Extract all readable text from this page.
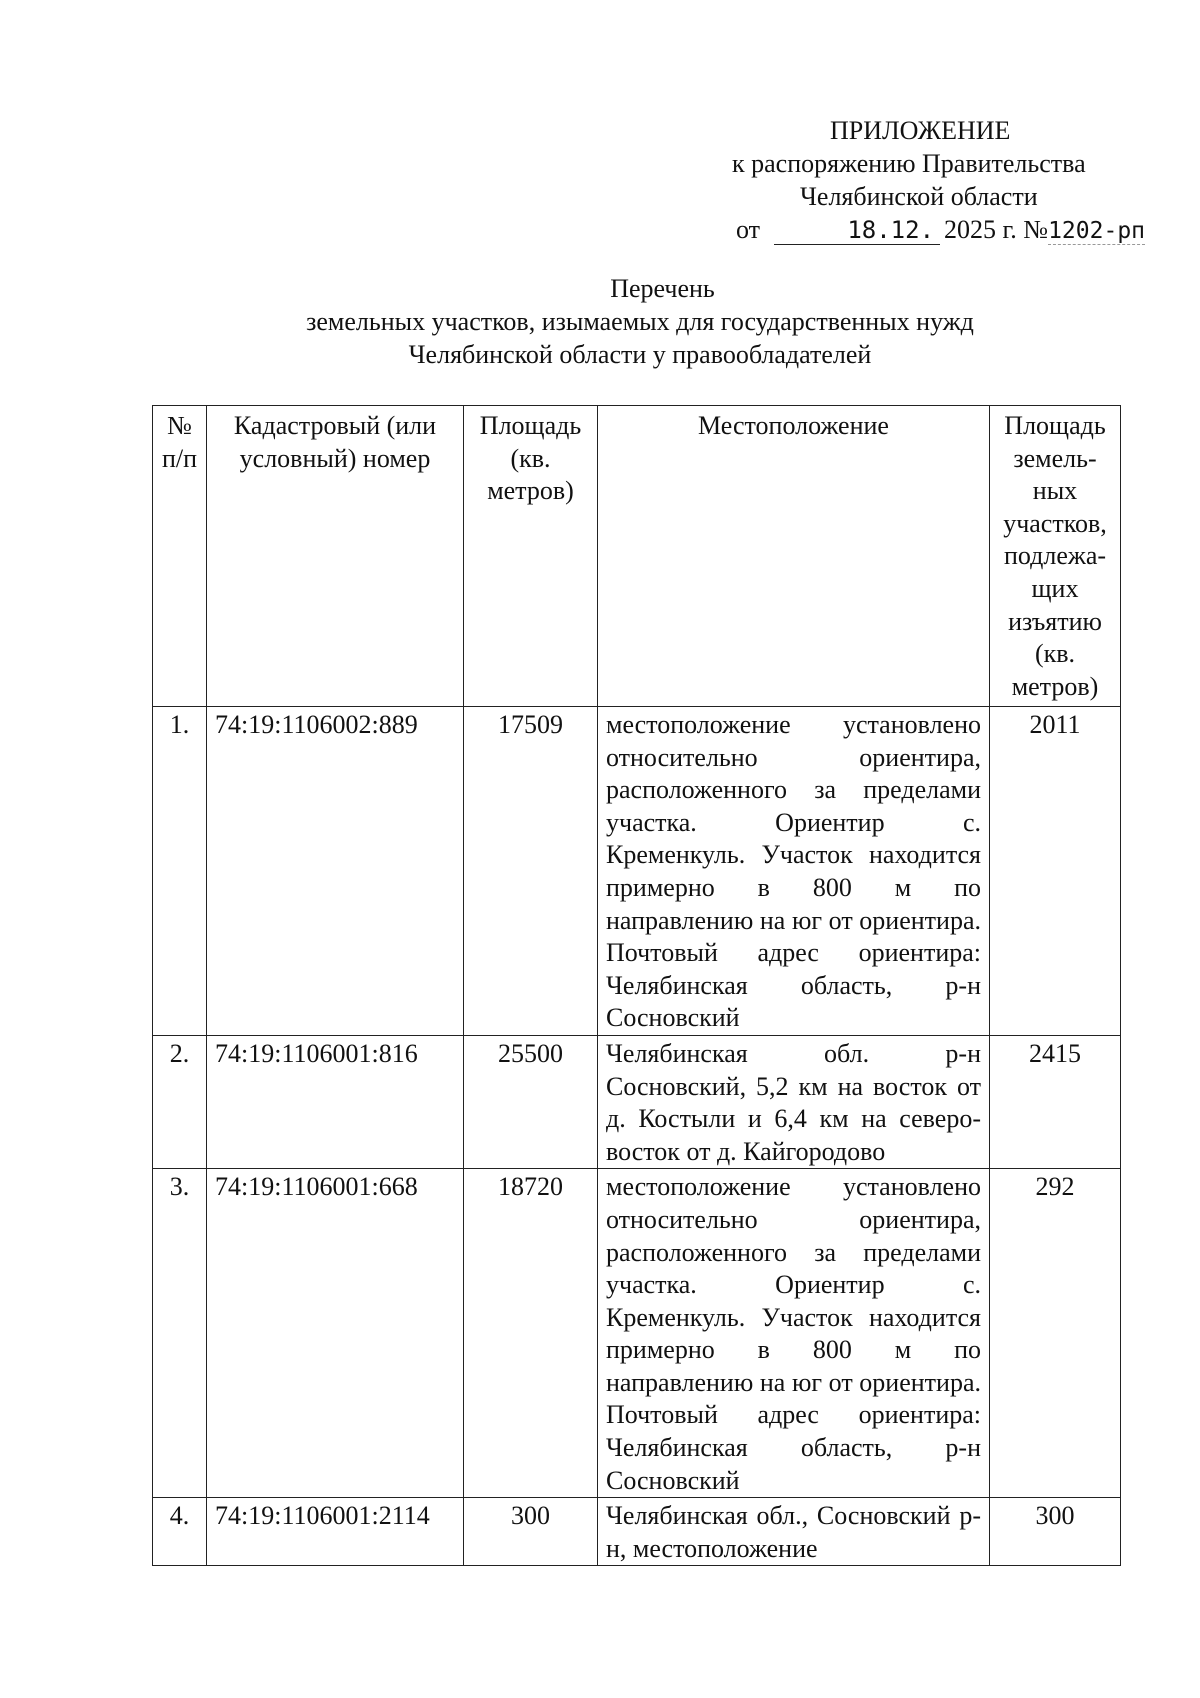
ПРИЛОЖЕНИЕ
к распоряжению Правительства
Челябинской области
от	18.12. 2025 г. №1202-рп
Перечень
земельных участков, изымаемых для государственных нужд
Челябинской области у правообладателей
№ п/п	Кадастровый (или условный) номер	Площадь (кв. метров)	Местоположение	Площадь земель-ных участков, подлежа-щих изъятию (кв. метров)
1.	74:19:1106002:889	17509	местоположение установлено относительно ориентира, расположенного за пределами участка. Ориентир с. Кременкуль. Участок находится примерно в 800 м по направлению на юг от ориентира. Почтовый адрес ориентира: Челябинская область, р-н Сосновский	2011
2.	74:19:1106001:816	25500	Челябинская обл. р-н Сосновский, 5,2 км на восток от д. Костыли и 6,4 км на северо-восток от д. Кайгородово	2415
3.	74:19:1106001:668	18720	местоположение установлено относительно ориентира, расположенного за пределами участка. Ориентир с. Кременкуль. Участок находится примерно в 800 м по направлению на юг от ориентира. Почтовый адрес ориентира: Челябинская область, р-н Сосновский	292
4.	74:19:1106001:2114	300	Челябинская обл., Сосновский р-н, местоположение	300
